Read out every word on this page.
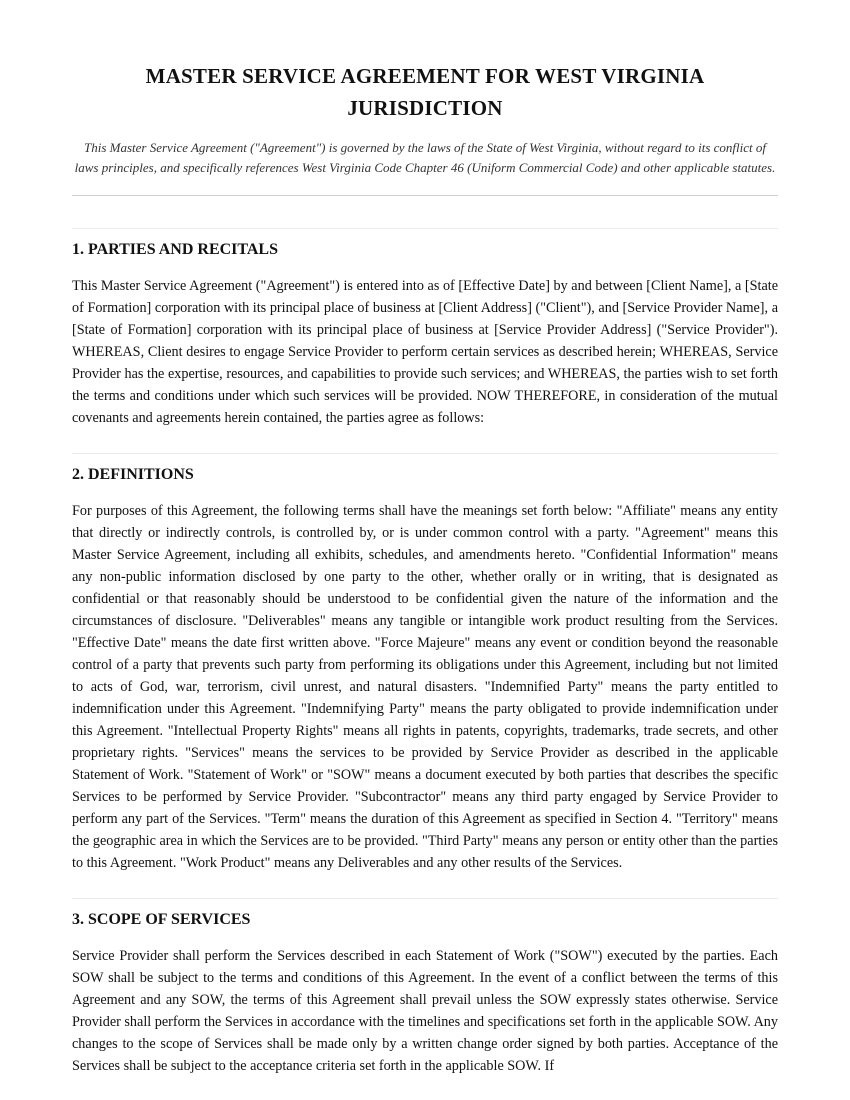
MASTER SERVICE AGREEMENT FOR WEST VIRGINIA JURISDICTION

This Master Service Agreement ("Agreement") is governed by the laws of the State of West Virginia, without regard to its conflict of laws principles, and specifically references West Virginia Code Chapter 46 (Uniform Commercial Code) and other applicable statutes.

1. PARTIES AND RECITALS

This Master Service Agreement ("Agreement") is entered into as of [Effective Date] by and between [Client Name], a [State of Formation] corporation with its principal place of business at [Client Address] ("Client"), and [Service Provider Name], a [State of Formation] corporation with its principal place of business at [Service Provider Address] ("Service Provider"). WHEREAS, Client desires to engage Service Provider to perform certain services as described herein; WHEREAS, Service Provider has the expertise, resources, and capabilities to provide such services; and WHEREAS, the parties wish to set forth the terms and conditions under which such services will be provided. NOW THEREFORE, in consideration of the mutual covenants and agreements herein contained, the parties agree as follows:

2. DEFINITIONS

For purposes of this Agreement, the following terms shall have the meanings set forth below: "Affiliate" means any entity that directly or indirectly controls, is controlled by, or is under common control with a party. "Agreement" means this Master Service Agreement, including all exhibits, schedules, and amendments hereto. "Confidential Information" means any non-public information disclosed by one party to the other, whether orally or in writing, that is designated as confidential or that reasonably should be understood to be confidential given the nature of the information and the circumstances of disclosure. "Deliverables" means any tangible or intangible work product resulting from the Services. "Effective Date" means the date first written above. "Force Majeure" means any event or condition beyond the reasonable control of a party that prevents such party from performing its obligations under this Agreement, including but not limited to acts of God, war, terrorism, civil unrest, and natural disasters. "Indemnified Party" means the party entitled to indemnification under this Agreement. "Indemnifying Party" means the party obligated to provide indemnification under this Agreement. "Intellectual Property Rights" means all rights in patents, copyrights, trademarks, trade secrets, and other proprietary rights. "Services" means the services to be provided by Service Provider as described in the applicable Statement of Work. "Statement of Work" or "SOW" means a document executed by both parties that describes the specific Services to be performed by Service Provider. "Subcontractor" means any third party engaged by Service Provider to perform any part of the Services. "Term" means the duration of this Agreement as specified in Section 4. "Territory" means the geographic area in which the Services are to be provided. "Third Party" means any person or entity other than the parties to this Agreement. "Work Product" means any Deliverables and any other results of the Services.

3. SCOPE OF SERVICES

Service Provider shall perform the Services described in each Statement of Work ("SOW") executed by the parties. Each SOW shall be subject to the terms and conditions of this Agreement. In the event of a conflict between the terms of this Agreement and any SOW, the terms of this Agreement shall prevail unless the SOW expressly states otherwise. Service Provider shall perform the Services in accordance with the timelines and specifications set forth in the applicable SOW. Any changes to the scope of Services shall be made only by a written change order signed by both parties. Acceptance of the Services shall be subject to the acceptance criteria set forth in the applicable SOW. If
